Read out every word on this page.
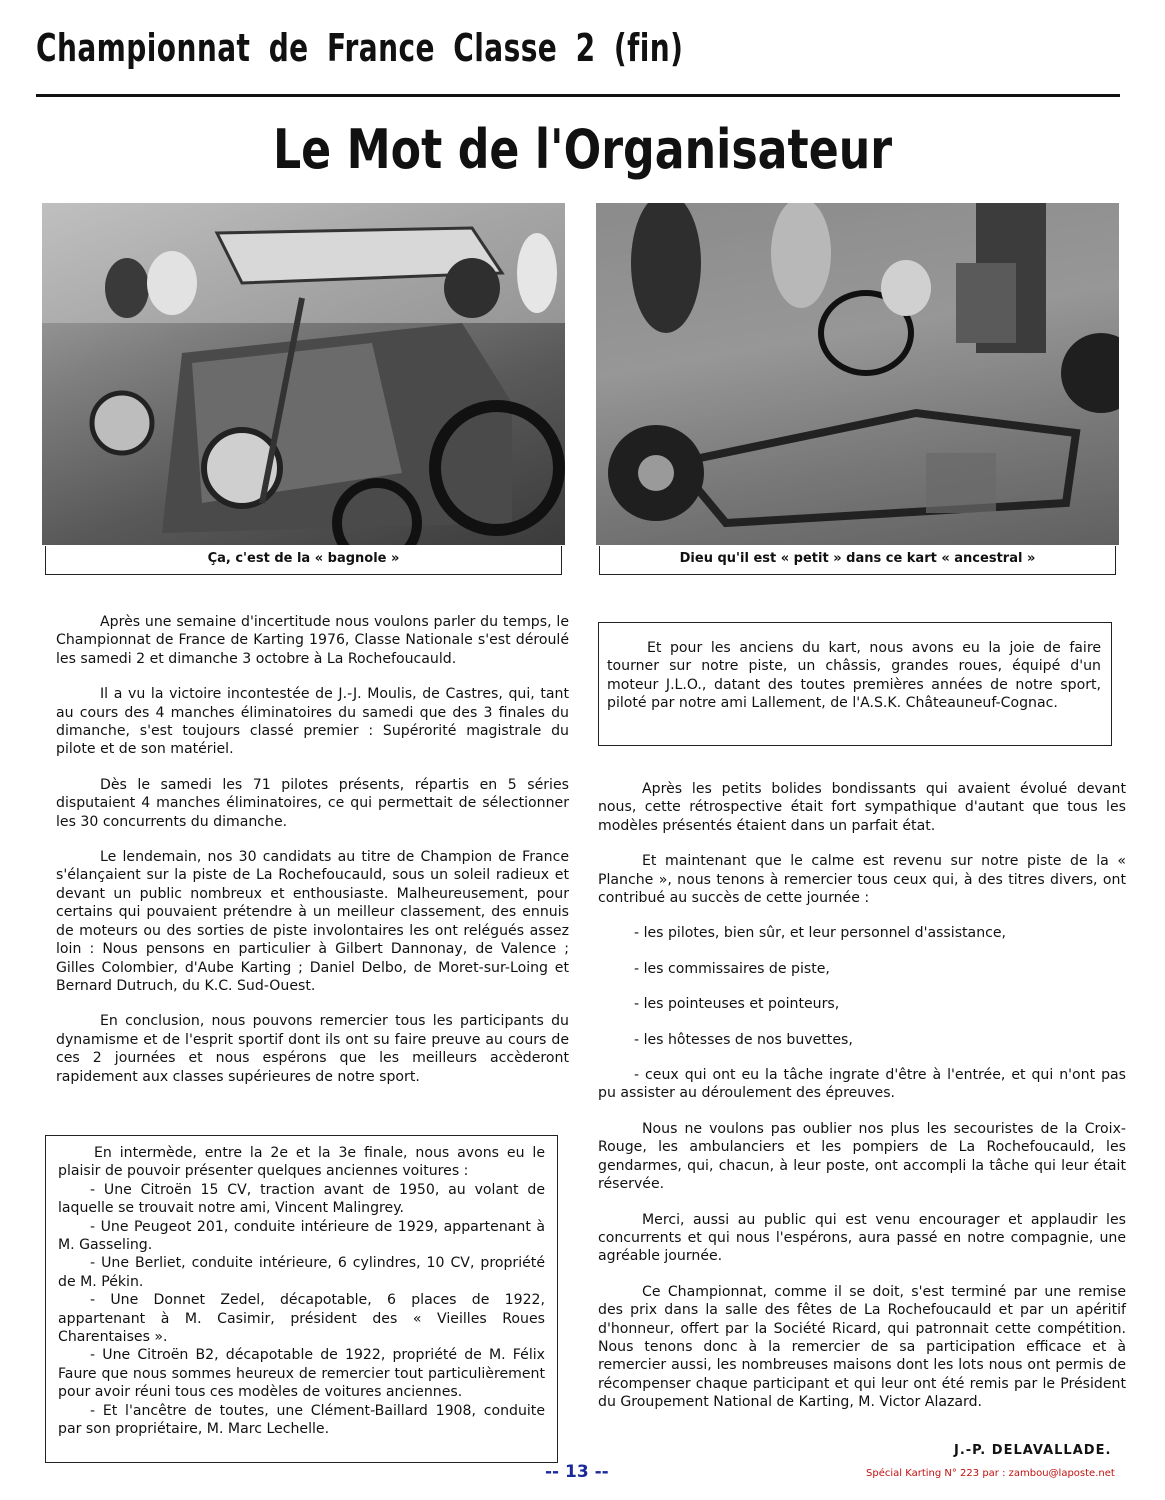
Championnat de France Classe 2 (fin)
Le Mot de l'Organisateur
Ça, c'est de la « bagnole »	Dieu qu'il est « petit » dans ce kart « ancestral »

Après une semaine d'incertitude nous voulons parler du temps, le Championnat de France de Karting 1976, Classe Nationale s'est déroulé les samedi 2 et dimanche 3 octobre à La Rochefoucauld.

Il a vu la victoire incontestée de J.-J. Moulis, de Castres, qui, tant au cours des 4 manches éliminatoires du samedi que des 3 finales du dimanche, s'est toujours classé premier : Supérorité magistrale du pilote et de son matériel.

Dès le samedi les 71 pilotes présents, répartis en 5 séries disputaient 4 manches éliminatoires, ce qui permettait de sélectionner les 30 concurrents du dimanche.

Le lendemain, nos 30 candidats au titre de Champion de France s'élançaient sur la piste de La Rochefoucauld, sous un soleil radieux et devant un public nombreux et enthousiaste. Malheureusement, pour certains qui pouvaient prétendre à un meilleur classement, des ennuis de moteurs ou des sorties de piste involontaires les ont relégués assez loin : Nous pensons en particulier à Gilbert Dannonay, de Valence ; Gilles Colombier, d'Aube Karting ; Daniel Delbo, de Moret-sur-Loing et Bernard Dutruch, du K.C. Sud-Ouest.

En conclusion, nous pouvons remercier tous les participants du dynamisme et de l'esprit sportif dont ils ont su faire preuve au cours de ces 2 journées et nous espérons que les meilleurs accèderont rapidement aux classes supérieures de notre sport.

En intermède, entre la 2e et la 3e finale, nous avons eu le plaisir de pouvoir présenter quelques anciennes voitures :
- Une Citroën 15 CV, traction avant de 1950, au volant de laquelle se trouvait notre ami, Vincent Malingrey.
- Une Peugeot 201, conduite intérieure de 1929, appartenant à M. Gasseling.
- Une Berliet, conduite intérieure, 6 cylindres, 10 CV, propriété de M. Pékin.
- Une Donnet Zedel, décapotable, 6 places de 1922, appartenant à M. Casimir, président des « Vieilles Roues Charentaises ».
- Une Citroën B2, décapotable de 1922, propriété de M. Félix Faure que nous sommes heureux de remercier tout particulièrement pour avoir réuni tous ces modèles de voitures anciennes.
- Et l'ancêtre de toutes, une Clément-Baillard 1908, conduite par son propriétaire, M. Marc Lechelle.

Et pour les anciens du kart, nous avons eu la joie de faire tourner sur notre piste, un châssis, grandes roues, équipé d'un moteur J.L.O., datant des toutes premières années de notre sport, piloté par notre ami Lallement, de l'A.S.K. Châteauneuf-Cognac.

Après les petits bolides bondissants qui avaient évolué devant nous, cette rétrospective était fort sympathique d'autant que tous les modèles présentés étaient dans un parfait état.

Et maintenant que le calme est revenu sur notre piste de la « Planche », nous tenons à remercier tous ceux qui, à des titres divers, ont contribué au succès de cette journée :

- les pilotes, bien sûr, et leur personnel d'assistance,

- les commissaires de piste,

- les pointeuses et pointeurs,

- les hôtesses de nos buvettes,

- ceux qui ont eu la tâche ingrate d'être à l'entrée, et qui n'ont pas pu assister au déroulement des épreuves.

Nous ne voulons pas oublier nos plus les secouristes de la Croix-Rouge, les ambulanciers et les pompiers de La Rochefoucauld, les gendarmes, qui, chacun, à leur poste, ont accompli la tâche qui leur était réservée.

Merci, aussi au public qui est venu encourager et applaudir les concurrents et qui nous l'espérons, aura passé en notre compagnie, une agréable journée.

Ce Championnat, comme il se doit, s'est terminé par une remise des prix dans la salle des fêtes de La Rochefoucauld et par un apéritif d'honneur, offert par la Société Ricard, qui patronnait cette compétition. Nous tenons donc à la remercier de sa participation efficace et à remercier aussi, les nombreuses maisons dont les lots nous ont permis de récompenser chaque participant et qui leur ont été remis par le Président du Groupement National de Karting, M. Victor Alazard.

J.-P. DELAVALLADE.
-- 13 --	Spécial Karting N° 223 par : zambou@laposte.net
